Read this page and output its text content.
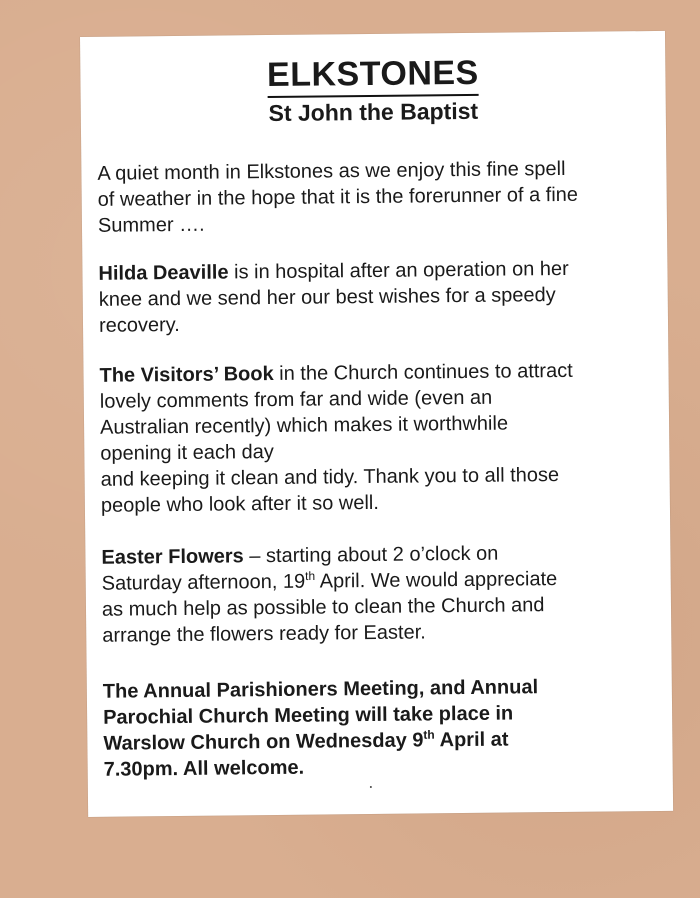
ELKSTONES
St John the Baptist

A quiet month in Elkstones as we enjoy this fine spell
of weather in the hope that it is the forerunner of a fine
Summer ….

Hilda Deaville is in hospital after an operation on her
knee and we send her our best wishes for a speedy
recovery.

The Visitors’ Book in the Church continues to attract
lovely comments from far and wide (even an
Australian recently) which makes it worthwhile
opening it each day
and keeping it clean and tidy. Thank you to all those
people who look after it so well.

Easter Flowers – starting about 2 o’clock on
Saturday afternoon, 19th April. We would appreciate
as much help as possible to clean the Church and
arrange the flowers ready for Easter.

The Annual Parishioners Meeting, and Annual
Parochial Church Meeting will take place in
Warslow Church on Wednesday 9th April at
7.30pm. All welcome.
